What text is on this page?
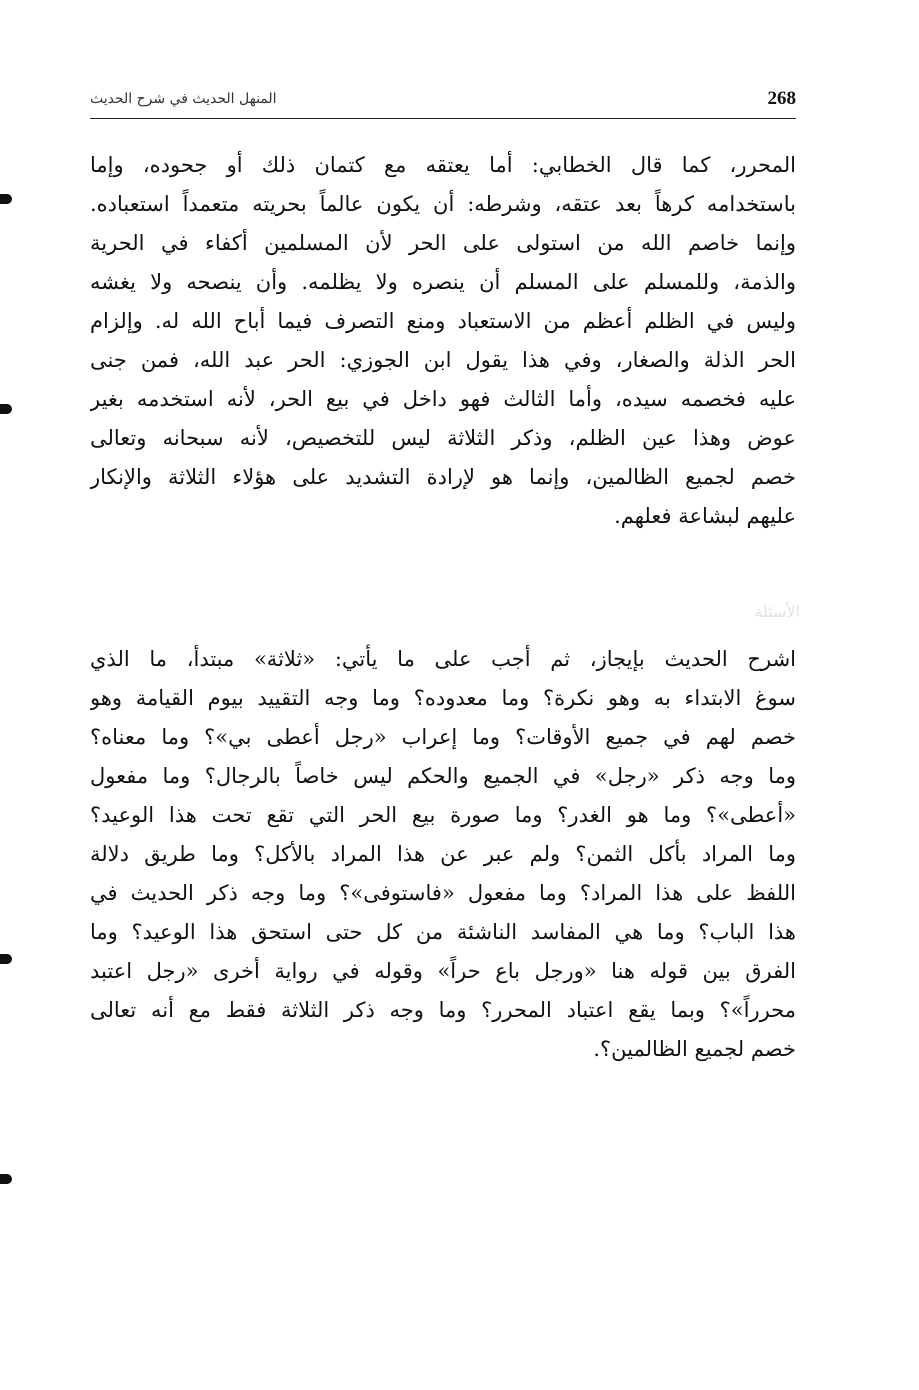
المنهل الحديث في شرح الحديث	268
المحرر، كما قال الخطابي: أما يعتقه مع كتمان ذلك أو جحوده، وإما
باستخدامه كرهاً بعد عتقه، وشرطه: أن يكون عالماً بحريته متعمداً استعباده.
وإنما خاصم الله من استولى على الحر لأن المسلمين أكفاء في الحرية
والذمة، وللمسلم على المسلم أن ينصره ولا يظلمه. وأن ينصحه ولا يغشه
وليس في الظلم أعظم من الاستعباد ومنع التصرف فيما أباح الله له. وإلزام
الحر الذلة والصغار، وفي هذا يقول ابن الجوزي: الحر عبد الله، فمن جنى
عليه فخصمه سيده، وأما الثالث فهو داخل في بيع الحر، لأنه استخدمه بغير
عوض وهذا عين الظلم، وذكر الثلاثة ليس للتخصيص، لأنه سبحانه وتعالى
خصم لجميع الظالمين، وإنما هو لإرادة التشديد على هؤلاء الثلاثة والإنكار
عليهم لبشاعة فعلهم.
الأسئلة
اشرح الحديث بإيجاز، ثم أجب على ما يأتي: «ثلاثة» مبتدأ، ما الذي
سوغ الابتداء به وهو نكرة؟ وما معدوده؟ وما وجه التقييد بيوم القيامة وهو
خصم لهم في جميع الأوقات؟ وما إعراب «رجل أعطى بي»؟ وما معناه؟
وما وجه ذكر «رجل» في الجميع والحكم ليس خاصاً بالرجال؟ وما مفعول
«أعطى»؟ وما هو الغدر؟ وما صورة بيع الحر التي تقع تحت هذا الوعيد؟
وما المراد بأكل الثمن؟ ولم عبر عن هذا المراد بالأكل؟ وما طريق دلالة
اللفظ على هذا المراد؟ وما مفعول «فاستوفى»؟ وما وجه ذكر الحديث في
هذا الباب؟ وما هي المفاسد الناشئة من كل حتى استحق هذا الوعيد؟ وما
الفرق بين قوله هنا «ورجل باع حراً» وقوله في رواية أخرى «رجل اعتبد
محرراً»؟ وبما يقع اعتباد المحرر؟ وما وجه ذكر الثلاثة فقط مع أنه تعالى
خصم لجميع الظالمين؟.
